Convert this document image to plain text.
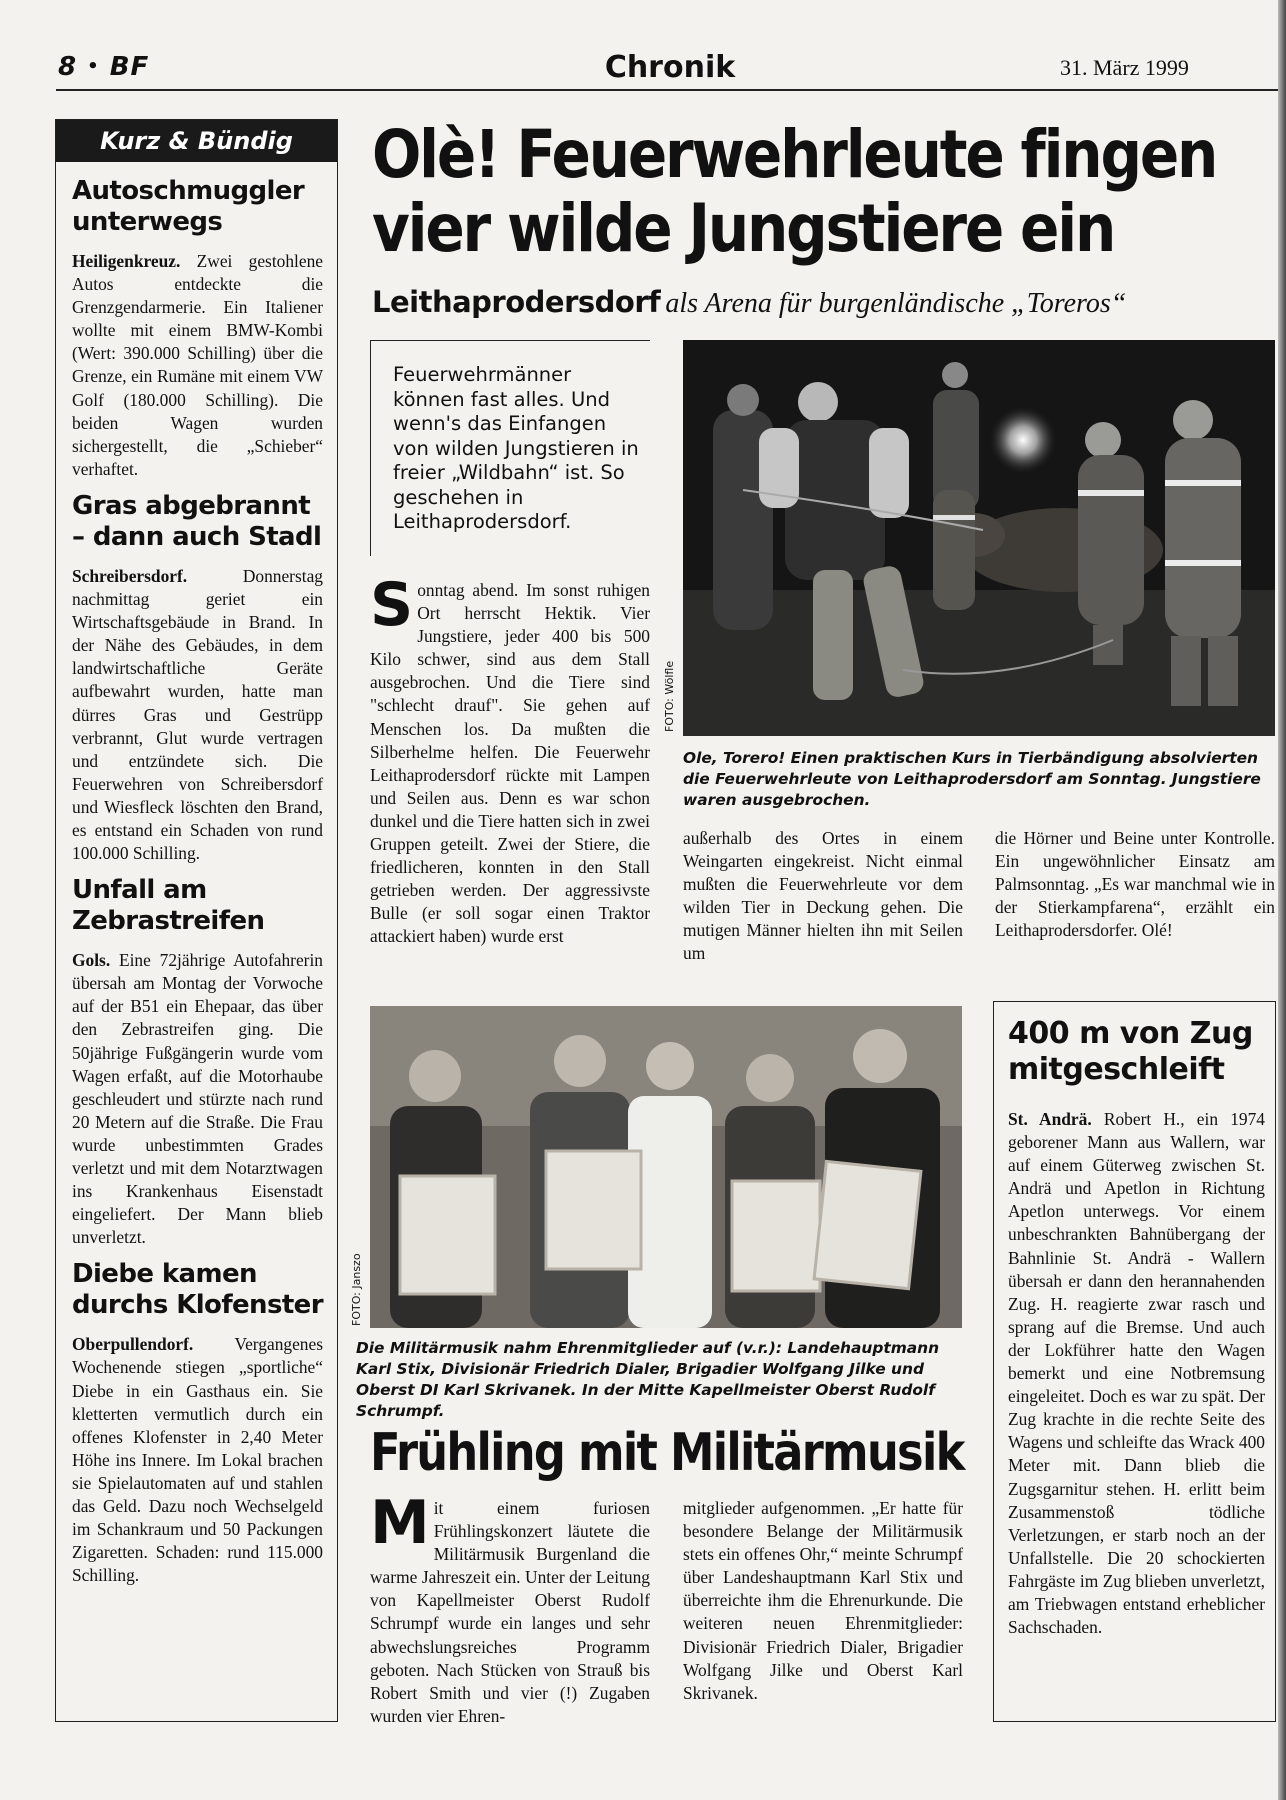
8 • BF	Chronik	31. März 1999
Kurz & Bündig
Autoschmuggler unterwegs

Heiligenkreuz. Zwei gestohlene Autos entdeckte die Grenzgendarmerie. Ein Italiener wollte mit einem BMW-Kombi (Wert: 390.000 Schilling) über die Grenze, ein Rumäne mit einem VW Golf (180.000 Schilling). Die beiden Wagen wurden sichergestellt, die „Schieber“ verhaftet.

Gras abgebrannt – dann auch Stadl

Schreibersdorf. Donnerstag nachmittag geriet ein Wirtschaftsgebäude in Brand. In der Nähe des Gebäudes, in dem landwirtschaftliche Geräte aufbewahrt wurden, hatte man dürres Gras und Gestrüpp verbrannt, Glut wurde vertragen und entzündete sich. Die Feuerwehren von Schreibersdorf und Wiesfleck löschten den Brand, es entstand ein Schaden von rund 100.000 Schilling.

Unfall am Zebrastreifen

Gols. Eine 72jährige Autofahrerin übersah am Montag der Vorwoche auf der B51 ein Ehepaar, das über den Zebrastreifen ging. Die 50jährige Fußgängerin wurde vom Wagen erfaßt, auf die Motorhaube geschleudert und stürzte nach rund 20 Metern auf die Straße. Die Frau wurde unbestimmten Grades verletzt und mit dem Notarztwagen ins Krankenhaus Eisenstadt eingeliefert. Der Mann blieb unverletzt.

Diebe kamen durchs Klofenster

Oberpullendorf. Vergangenes Wochenende stiegen „sportliche“ Diebe in ein Gasthaus ein. Sie kletterten vermutlich durch ein offenes Klofenster in 2,40 Meter Höhe ins Innere. Im Lokal brachen sie Spielautomaten auf und stahlen das Geld. Dazu noch Wechselgeld im Schankraum und 50 Packungen Zigaretten. Schaden: rund 115.000 Schilling.

Olè! Feuerwehrleute fingen
vier wilde Jungstiere ein
Leithaprodersdorf als Arena für burgenländische „Toreros“
Feuerwehrmänner können fast alles. Und wenn's das Einfangen von wilden Jungstieren in freier „Wildbahn“ ist. So geschehen in Leithaprodersdorf.
FOTO: Wölfle
Ole, Torero! Einen praktischen Kurs in Tierbändigung absolvierten die Feuerwehrleute von Leithaprodersdorf am Sonntag. Jungstiere waren ausgebrochen.
Sonntag abend. Im sonst ruhigen Ort herrscht Hektik. Vier Jungstiere, jeder 400 bis 500 Kilo schwer, sind aus dem Stall ausgebrochen. Und die Tiere sind "schlecht drauf". Sie gehen auf Menschen los. Da mußten die Silberhelme helfen. Die Feuerwehr Leithaprodersdorf rückte mit Lampen und Seilen aus. Denn es war schon dunkel und die Tiere hatten sich in zwei Gruppen geteilt. Zwei der Stiere, die friedlicheren, konnten in den Stall getrieben werden. Der aggressivste Bulle (er soll sogar einen Traktor attackiert haben) wurde erst
außerhalb des Ortes in einem Weingarten eingekreist. Nicht einmal mußten die Feuerwehrleute vor dem wilden Tier in Deckung gehen. Die mutigen Männer hielten ihn mit Seilen um
die Hörner und Beine unter Kontrolle. Ein ungewöhnlicher Einsatz am Palmsonntag. „Es war manchmal wie in der Stierkampfarena“, erzählt ein Leithaprodersdorfer. Olé!
FOTO: Janszo
Die Militärmusik nahm Ehrenmitglieder auf (v.r.): Landehauptmann Karl Stix, Divisionär Friedrich Dialer, Brigadier Wolfgang Jilke und Oberst DI Karl Skrivanek. In der Mitte Kapellmeister Oberst Rudolf Schrumpf.
Frühling mit Militärmusik
Mit einem furiosen Frühlingskonzert läutete die Militärmusik Burgenland die warme Jahreszeit ein. Unter der Leitung von Kapellmeister Oberst Rudolf Schrumpf wurde ein langes und sehr abwechslungsreiches Programm geboten. Nach Stücken von Strauß bis Robert Smith und vier (!) Zugaben wurden vier Ehren-
mitglieder aufgenommen. „Er hatte für besondere Belange der Militärmusik stets ein offenes Ohr,“ meinte Schrumpf über Landeshauptmann Karl Stix und überreichte ihm die Ehrenurkunde. Die weiteren neuen Ehrenmitglieder: Divisionär Friedrich Dialer, Brigadier Wolfgang Jilke und Oberst Karl Skrivanek.
400 m von Zug mitgeschleift
St. Andrä. Robert H., ein 1974 geborener Mann aus Wallern, war auf einem Güterweg zwischen St. Andrä und Apetlon in Richtung Apetlon unterwegs. Vor einem unbeschrankten Bahnübergang der Bahnlinie St. Andrä - Wallern übersah er dann den herannahenden Zug. H. reagierte zwar rasch und sprang auf die Bremse. Und auch der Lokführer hatte den Wagen bemerkt und eine Notbremsung eingeleitet. Doch es war zu spät. Der Zug krachte in die rechte Seite des Wagens und schleifte das Wrack 400 Meter mit. Dann blieb die Zugsgarnitur stehen. H. erlitt beim Zusammenstoß tödliche Verletzungen, er starb noch an der Unfallstelle. Die 20 schockierten Fahrgäste im Zug blieben unverletzt, am Triebwagen entstand erheblicher Sachschaden.
